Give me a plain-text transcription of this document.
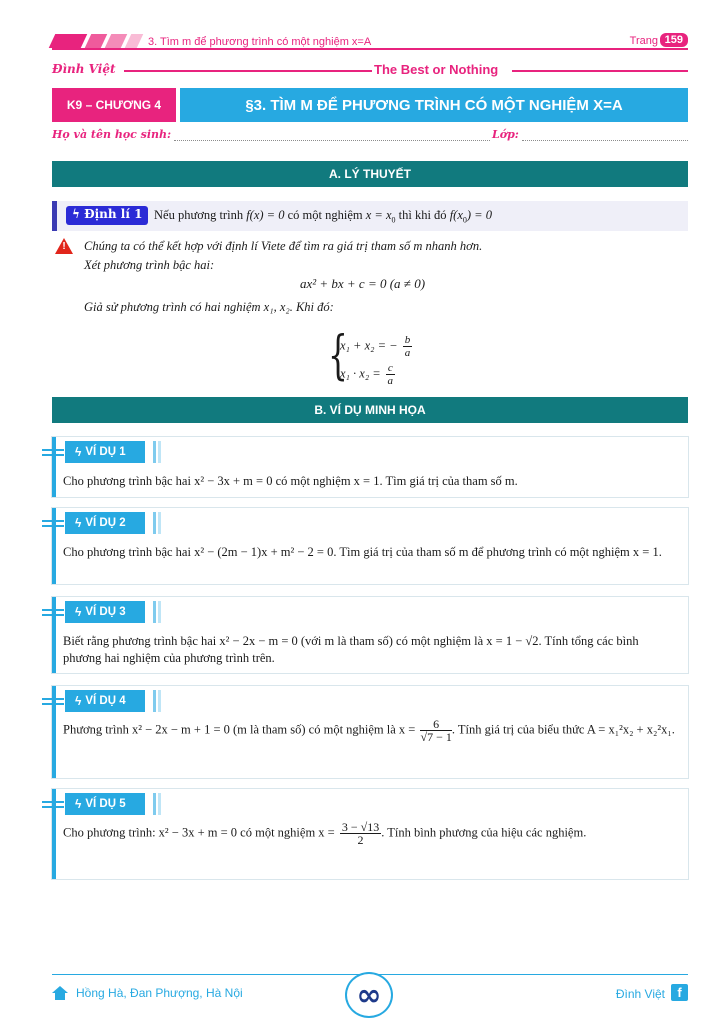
3. Tìm m để phương trình có một nghiệm x=A	Trang 159
Đình Việt	The Best or Nothing
K9 – CHƯƠNG 4	§3. TÌM M ĐỂ PHƯƠNG TRÌNH CÓ MỘT NGHIỆM X=A
Họ và tên học sinh:	Lớp:
A. LÝ THUYẾT
ϟ Định lí 1 Nếu phương trình f(x) = 0 có một nghiệm $x = x_0$ thì khi đó $f(x_0) = 0$
! Chúng ta có thể kết hợp với định lí Viete để tìm ra giá trị tham số m nhanh hơn.
Xét phương trình bậc hai:
ax² + bx + c = 0 (a ≠ 0)
Giả sử phương trình có hai nghiệm x₁, x₂. Khi đó:
{
x₁ + x₂ = − $\frac{b}{a}$
$x_1 \cdot x_2 = \frac{c}{a}$
B. VÍ DỤ MINH HỌA
ϟ VÍ DỤ 1
Cho phương trình bậc hai x² − 3x + m = 0 có một nghiệm x = 1. Tìm giá trị của tham số m.
ϟ VÍ DỤ 2
Cho phương trình bậc hai x² − (2m − 1)x + m² − 2 = 0. Tìm giá trị của tham số m để phương trình có một nghiệm x = 1.
ϟ VÍ DỤ 3
Biết rằng phương trình bậc hai x² − 2x − m = 0 (với m là tham số) có một nghiệm là x = 1 − √2. Tính tổng các bình phương hai nghiệm của phương trình trên.
ϟ VÍ DỤ 4
Phương trình x² − 2x − m + 1 = 0 (m là tham số) có một nghiệm là $x = \frac{6}{√7 - 1}$ . Tính giá trị của biểu thức A = x₁²x₂ + x₂²x₁.
ϟ VÍ DỤ 5
Cho phương trình: x² − 3x + m = 0 có một nghiệm $x = \frac{3 - √13}{2}$ . Tính bình phương của hiệu các nghiệm.
Hồng Hà, Đan Phượng, Hà Nội	∞	Đình Việt f
